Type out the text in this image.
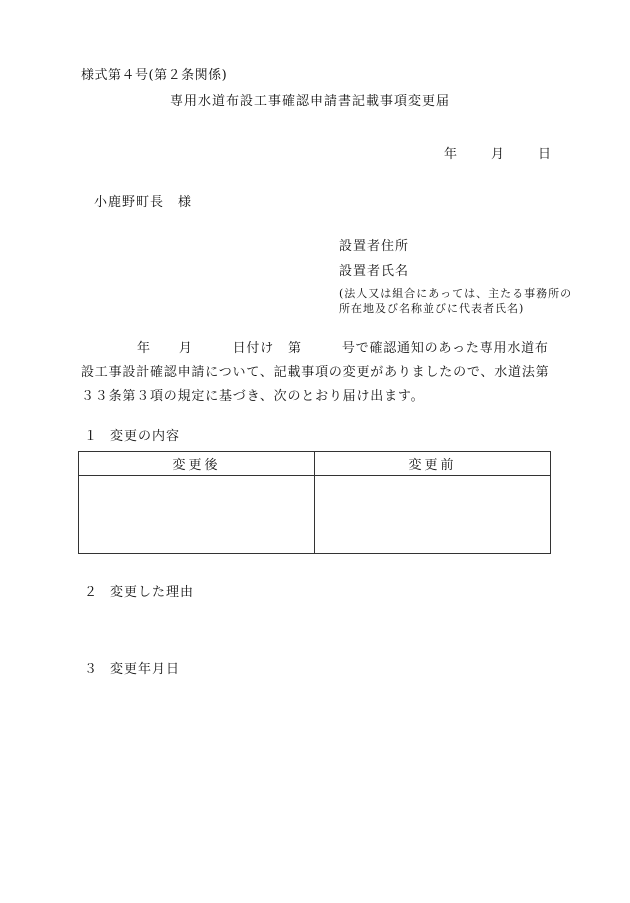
様式第４号(第２条関係)
専用水道布設工事確認申請書記載事項変更届
年	月	日
小鹿野町長 様
設置者住所
設置者氏名
(法人又は組合にあっては、主たる事務所の所在地及び名称並びに代表者氏名)
年 月	日付け 第	号で確認通知のあった専用水道布設工事設計確認申請について、記載事項の変更がありましたので、水道法第３３条第３項の規定に基づき、次のとおり届け出ます。
１ 変更の内容
変更後	変更前

２ 変更した理由
３ 変更年月日
